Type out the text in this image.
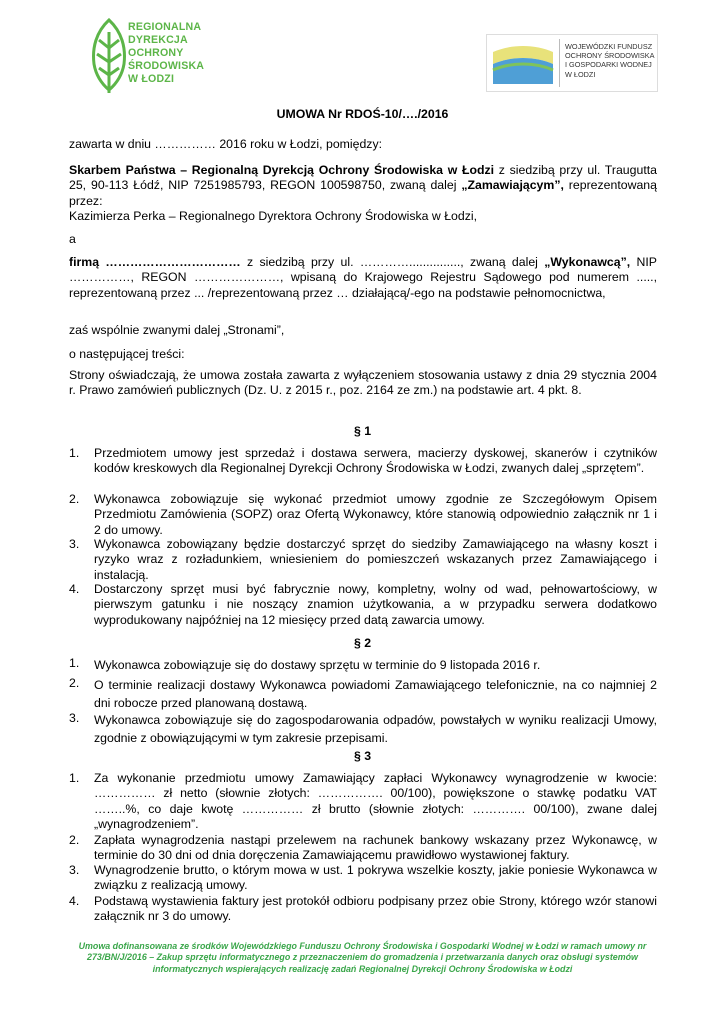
REGIONALNA
DYREKCJA
OCHRONY
ŚRODOWISKA
W ŁODZI
WOJEWÓDZKI FUNDUSZ
OCHRONY ŚRODOWISKA
I GOSPODARKI WODNEJ
W ŁODZI
UMOWA Nr RDOŚ-10/…./2016
zawarta w dniu …………… 2016 roku w Łodzi, pomiędzy:
Skarbem Państwa – Regionalną Dyrekcją Ochrony Środowiska w Łodzi z siedzibą przy ul. Traugutta 25, 90-113 Łódź, NIP 7251985793, REGON 100598750, zwaną dalej „Zamawiającym”, reprezentowaną przez:
Kazimierza Perka – Regionalnego Dyrektora Ochrony Środowiska w Łodzi,
a
firmą …………………………… z siedzibą przy ul. …………..............., zwaną dalej „Wykonawcą”, NIP ……………, REGON …………………, wpisaną do Krajowego Rejestru Sądowego pod numerem ....., reprezentowaną przez ... /reprezentowaną przez … działającą/-ego na podstawie pełnomocnictwa,
zaś wspólnie zwanymi dalej „Stronami”,
o następującej treści:
Strony oświadczają, że umowa została zawarta z wyłączeniem stosowania ustawy z dnia 29 stycznia 2004 r. Prawo zamówień publicznych (Dz. U. z 2015 r., poz. 2164 ze zm.) na podstawie art. 4 pkt. 8.
§ 1
1. Przedmiotem umowy jest sprzedaż i dostawa serwera, macierzy dyskowej, skanerów i czytników kodów kreskowych dla Regionalnej Dyrekcji Ochrony Środowiska w Łodzi, zwanych dalej „sprzętem”.
2. Wykonawca zobowiązuje się wykonać przedmiot umowy zgodnie ze Szczegółowym Opisem Przedmiotu Zamówienia (SOPZ) oraz Ofertą Wykonawcy, które stanowią odpowiednio załącznik nr 1 i 2 do umowy.
3. Wykonawca zobowiązany będzie dostarczyć sprzęt do siedziby Zamawiającego na własny koszt i ryzyko wraz z rozładunkiem, wniesieniem do pomieszczeń wskazanych przez Zamawiającego i instalacją.
4. Dostarczony sprzęt musi być fabrycznie nowy, kompletny, wolny od wad, pełnowartościowy, w pierwszym gatunku i nie noszący znamion użytkowania, a w przypadku serwera dodatkowo wyprodukowany najpóźniej na 12 miesięcy przed datą zawarcia umowy.
§ 2
1. Wykonawca zobowiązuje się do dostawy sprzętu w terminie do 9 listopada 2016 r.
2. O terminie realizacji dostawy Wykonawca powiadomi Zamawiającego telefonicznie, na co najmniej 2 dni robocze przed planowaną dostawą.
3. Wykonawca zobowiązuje się do zagospodarowania odpadów, powstałych w wyniku realizacji Umowy, zgodnie z obowiązującymi w tym zakresie przepisami.
§ 3
1. Za wykonanie przedmiotu umowy Zamawiający zapłaci Wykonawcy wynagrodzenie w kwocie: …………… zł netto (słownie złotych: ……………. 00/100), powiększone o stawkę podatku VAT ……..%, co daje kwotę …………… zł brutto (słownie złotych: …………. 00/100), zwane dalej „wynagrodzeniem”.
2. Zapłata wynagrodzenia nastąpi przelewem na rachunek bankowy wskazany przez Wykonawcę, w terminie do 30 dni od dnia doręczenia Zamawiającemu prawidłowo wystawionej faktury.
3. Wynagrodzenie brutto, o którym mowa w ust. 1 pokrywa wszelkie koszty, jakie poniesie Wykonawca w związku z realizacją umowy.
4. Podstawą wystawienia faktury jest protokół odbioru podpisany przez obie Strony, którego wzór stanowi załącznik nr 3 do umowy.
Umowa dofinansowana ze środków Wojewódzkiego Funduszu Ochrony Środowiska i Gospodarki Wodnej w Łodzi w ramach umowy nr 273/BN/J/2016 – Zakup sprzętu informatycznego z przeznaczeniem do gromadzenia i przetwarzania danych oraz obsługi systemów informatycznych wspierających realizację zadań Regionalnej Dyrekcji Ochrony Środowiska w Łodzi
